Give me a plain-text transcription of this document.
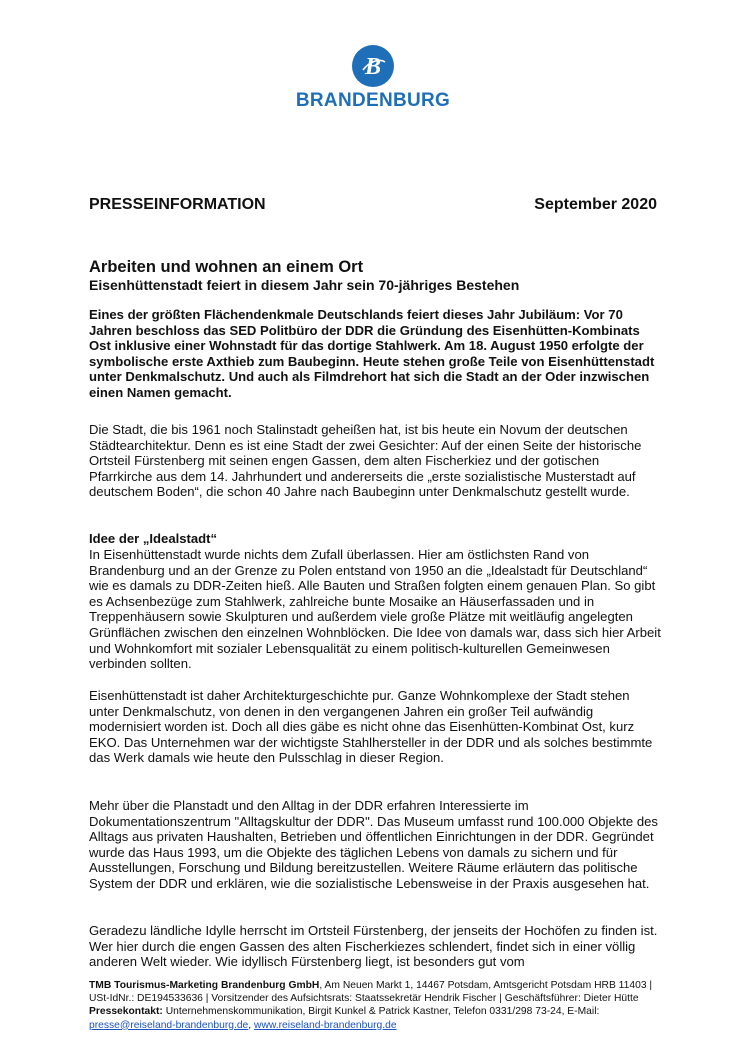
B
BRANDENBURG
PRESSEINFORMATION	September 2020
Arbeiten und wohnen an einem Ort
Eisenhüttenstadt feiert in diesem Jahr sein 70-jähriges Bestehen

Eines der größten Flächendenkmale Deutschlands feiert dieses Jahr Jubiläum: Vor 70 Jahren beschloss das SED Politbüro der DDR die Gründung des Eisenhütten-Kombinats Ost inklusive einer Wohnstadt für das dortige Stahlwerk. Am 18. August 1950 erfolgte der symbolische erste Axthieb zum Baubeginn. Heute stehen große Teile von Eisenhüttenstadt unter Denkmalschutz. Und auch als Filmdrehort hat sich die Stadt an der Oder inzwischen einen Namen gemacht.

Die Stadt, die bis 1961 noch Stalinstadt geheißen hat, ist bis heute ein Novum der deutschen Städtearchitektur. Denn es ist eine Stadt der zwei Gesichter: Auf der einen Seite der historische Ortsteil Fürstenberg mit seinen engen Gassen, dem alten Fischerkiez und der gotischen Pfarrkirche aus dem 14. Jahrhundert und andererseits die „erste sozialistische Musterstadt auf deutschem Boden“, die schon 40 Jahre nach Baubeginn unter Denkmalschutz gestellt wurde.

Idee der „Idealstadt“

In Eisenhüttenstadt wurde nichts dem Zufall überlassen. Hier am östlichsten Rand von Brandenburg und an der Grenze zu Polen entstand von 1950 an die „Idealstadt für Deutschland“ wie es damals zu DDR-Zeiten hieß. Alle Bauten und Straßen folgten einem genauen Plan. So gibt es Achsenbezüge zum Stahlwerk, zahlreiche bunte Mosaike an Häuserfassaden und in Treppenhäusern sowie Skulpturen und außerdem viele große Plätze mit weitläufig angelegten Grünflächen zwischen den einzelnen Wohnblöcken. Die Idee von damals war, dass sich hier Arbeit und Wohnkomfort mit sozialer Lebensqualität zu einem politisch-kulturellen Gemeinwesen verbinden sollten.

Eisenhüttenstadt ist daher Architekturgeschichte pur. Ganze Wohnkomplexe der Stadt stehen unter Denkmalschutz, von denen in den vergangenen Jahren ein großer Teil aufwändig modernisiert worden ist. Doch all dies gäbe es nicht ohne das Eisenhütten-Kombinat Ost, kurz EKO. Das Unternehmen war der wichtigste Stahlhersteller in der DDR und als solches bestimmte das Werk damals wie heute den Pulsschlag in dieser Region.

Mehr über die Planstadt und den Alltag in der DDR erfahren Interessierte im Dokumentationszentrum "Alltagskultur der DDR". Das Museum umfasst rund 100.000 Objekte des Alltags aus privaten Haushalten, Betrieben und öffentlichen Einrichtungen in der DDR. Gegründet wurde das Haus 1993, um die Objekte des täglichen Lebens von damals zu sichern und für Ausstellungen, Forschung und Bildung bereitzustellen. Weitere Räume erläutern das politische System der DDR und erklären, wie die sozialistische Lebensweise in der Praxis ausgesehen hat.

Geradezu ländliche Idylle herrscht im Ortsteil Fürstenberg, der jenseits der Hochöfen zu finden ist. Wer hier durch die engen Gassen des alten Fischerkiezes schlendert, findet sich in einer völlig anderen Welt wieder. Wie idyllisch Fürstenberg liegt, ist besonders gut vom

TMB Tourismus-Marketing Brandenburg GmbH, Am Neuen Markt 1, 14467 Potsdam, Amtsgericht Potsdam HRB 11403 | USt-IdNr.: DE194533636 | Vorsitzender des Aufsichtsrats: Staatssekretär Hendrik Fischer | Geschäftsführer: Dieter Hütte Pressekontakt: Unternehmenskommunikation, Birgit Kunkel & Patrick Kastner, Telefon 0331/298 73-24, E-Mail: presse@reiseland-brandenburg.de, www.reiseland-brandenburg.de
